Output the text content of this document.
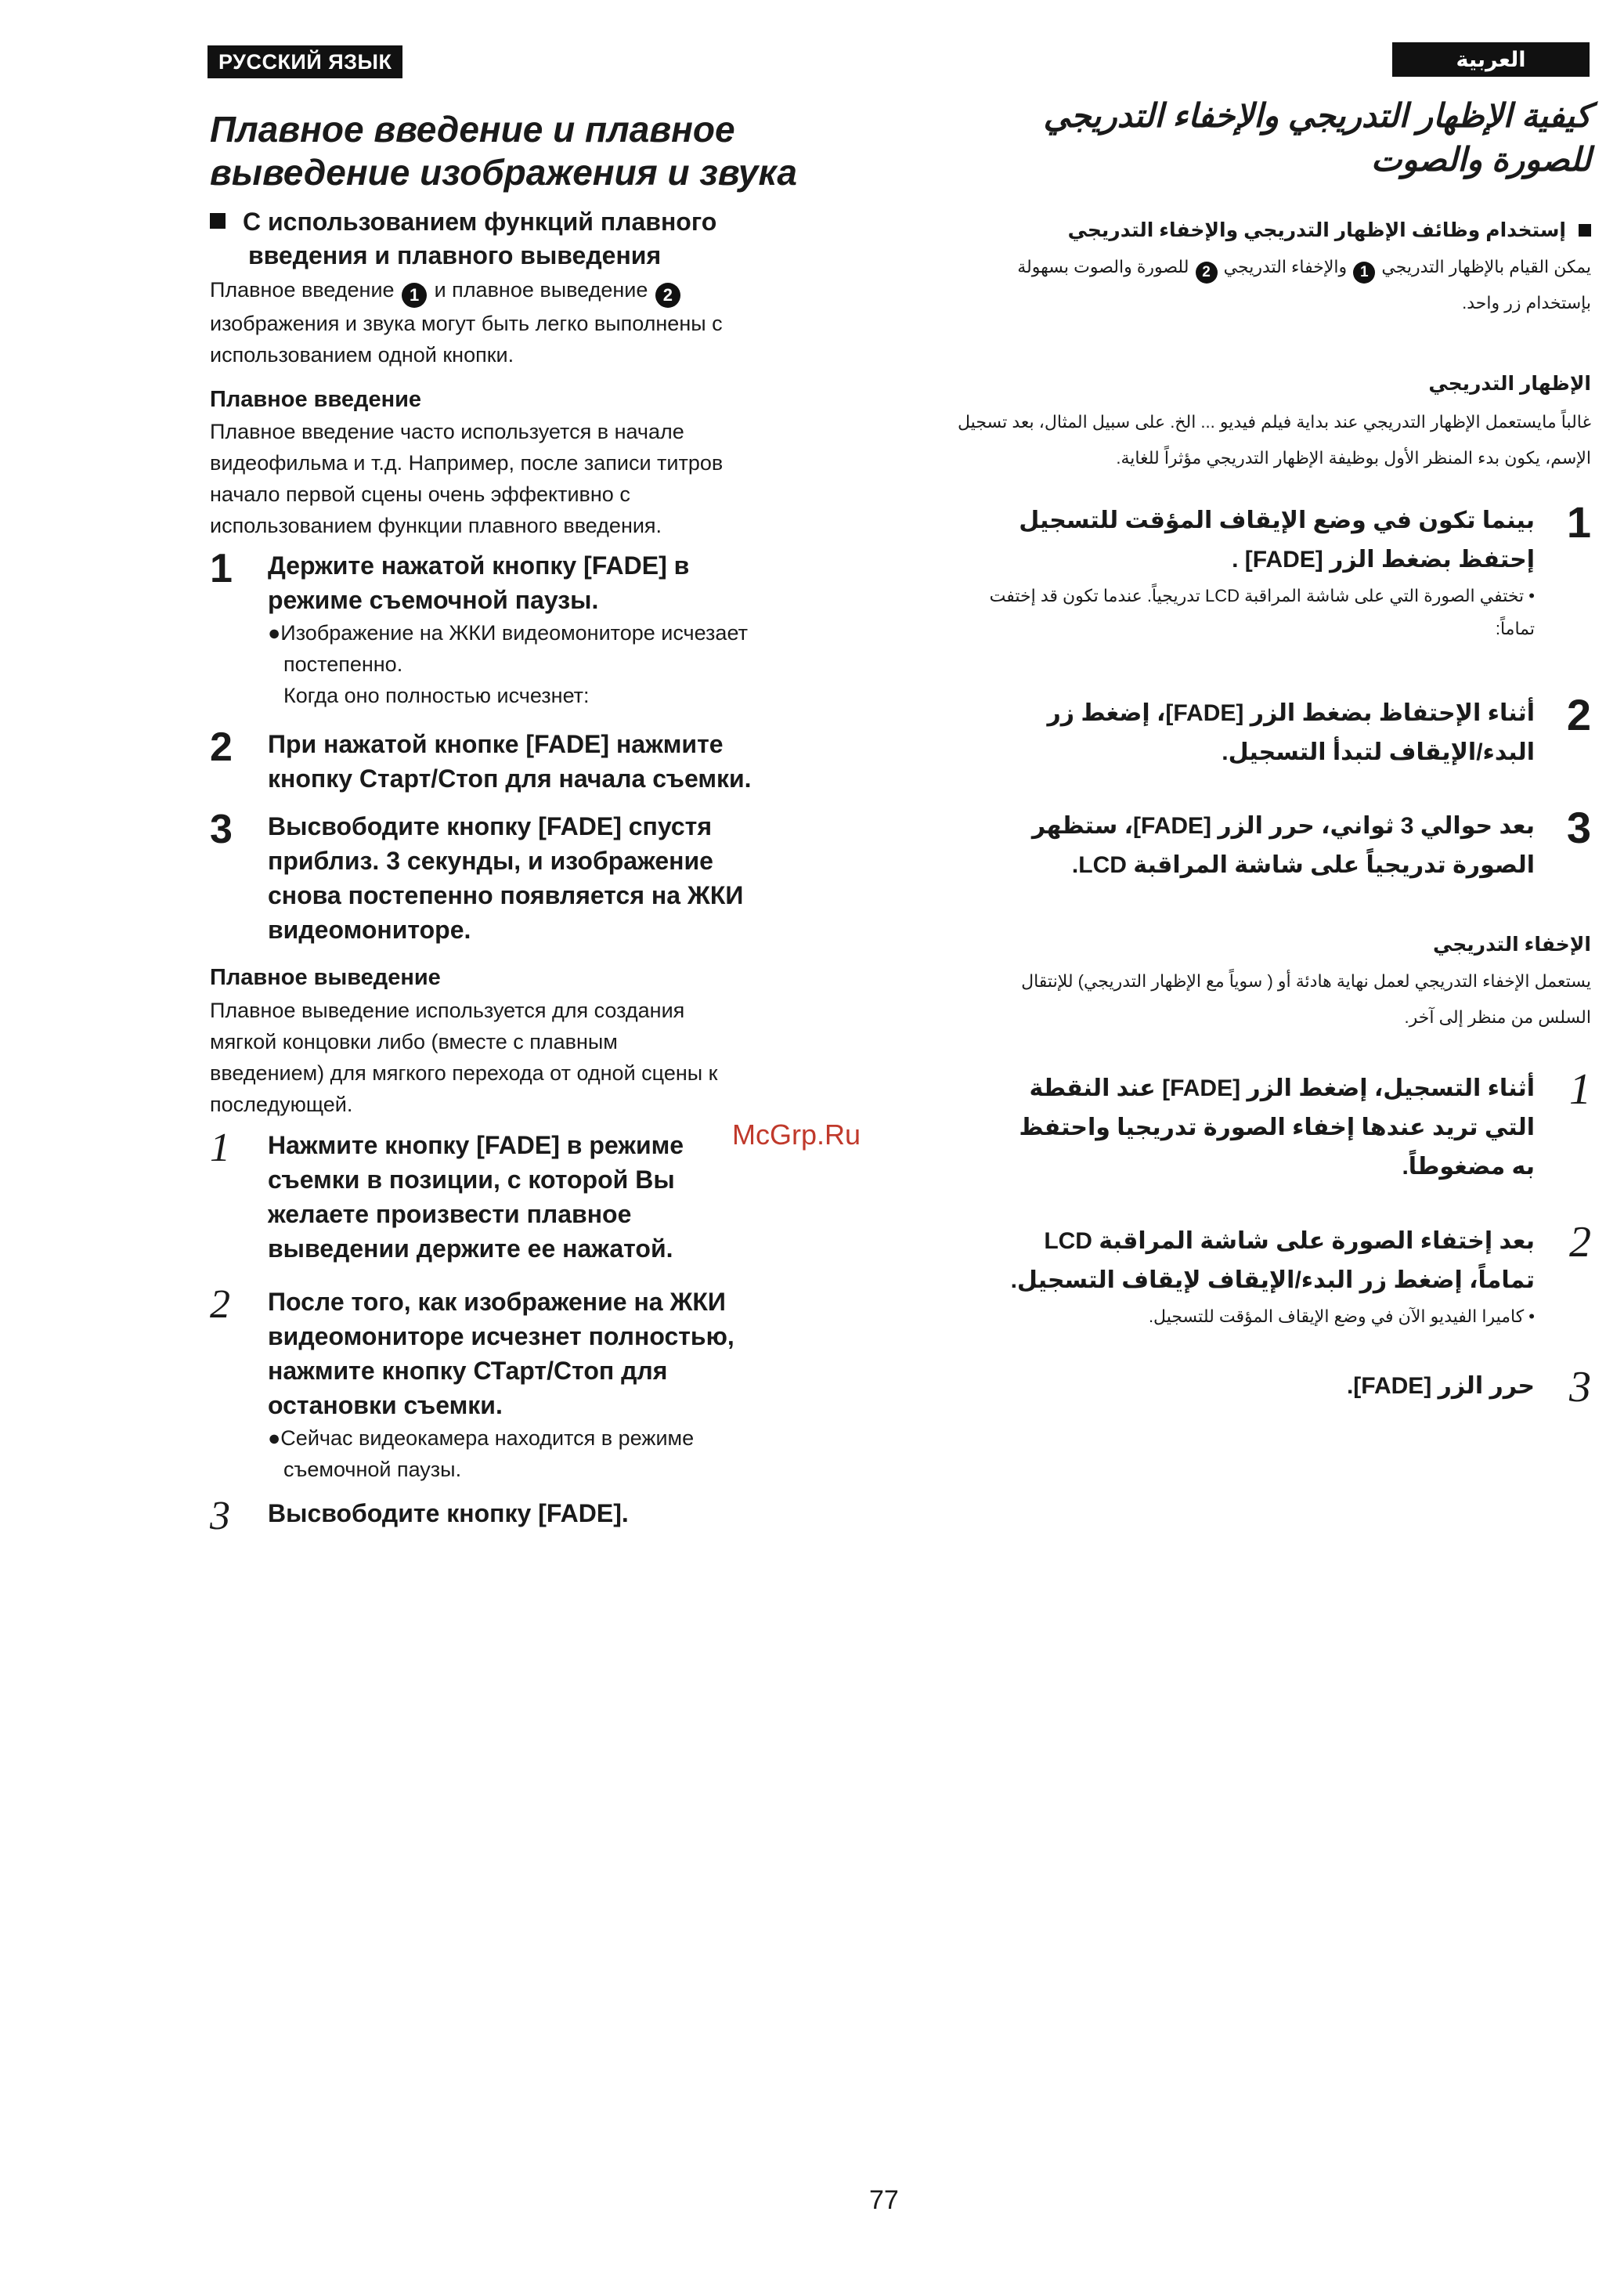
РУССКИЙ ЯЗЫК	العربية
Плавное введение и плавное
выведение изображения и звука
С использованием функций плавного
введения и плавного выведения
Плавное введение 1 и плавное выведение 2
изображения и звука могут быть легко выполнены с
использованием одной кнопки.
Плавное введение
Плавное введение часто используется в начале
видеофильма и т.д. Например, после записи титров
начало первой сцены очень эффективно с
использованием функции плавного введения.
1 Держите нажатой кнопку [FADE] в
режиме съемочной паузы.
●Изображение на ЖКИ видеомониторе исчезает
постепенно.
Когда оно полностью исчезнет:
2 При нажатой кнопке [FADE] нажмите
кнопку Старт/Стоп для начала съемки.
3 Высвободите кнопку [FADE] спустя
приблиз. 3 секунды, и изображение
снова постепенно появляется на ЖКИ
видеомониторе.
Плавное выведение
Плавное выведение используется для создания
мягкой концовки либо (вместе с плавным
введением) для мягкого перехода от одной сцены к
последующей.
1 Нажмите кнопку [FADE] в режиме
съемки в позиции, с которой Вы
желаете произвести плавное
выведении держите ее нажатой.
2 После того, как изображение на ЖКИ
видеомониторе исчезнет полностью,
нажмите кнопку СТарт/Стоп для
остановки съемки.
●Сейчас видеокамера находится в режиме
съемочной паузы.
3 Высвободите кнопку [FADE].
McGrp.Ru
كيفية الإظهار التدريجي والإخفاء التدريجي
للصورة والصوت
إستخدام وظائف الإظهار التدريجي والإخفاء التدريجي
يمكن القيام بالإظهار التدريجي 1 والإخفاء التدريجي 2 للصورة والصوت بسهولة
بإستخدام زر واحد.
الإظهار التدريجي
غالباً مايستعمل الإظهار التدريجي عند بداية فيلم فيديو ... الخ. على سبيل المثال، بعد تسجيل
الإسم، يكون بدء المنظر الأول بوظيفة الإظهار التدريجي مؤثراً للغاية.
1
بينما تكون في وضع الإيقاف المؤقت للتسجيل
إحتفظ بضغط الزر [FADE] .
• تختفي الصورة التي على شاشة المراقبة LCD تدريجياً. عندما تكون قد إختفت
تماماً:
2
أثناء الإحتفاظ بضغط الزر [FADE]، إضغط زر
البدء/الإيقاف لتبدأ التسجيل.
3
بعد حوالي 3 ثواني، حرر الزر [FADE]، ستظهر
الصورة تدريجياً على شاشة المراقبة LCD.
الإخفاء التدريجي
يستعمل الإخفاء التدريجي لعمل نهاية هادئة أو ( سوياً مع الإظهار التدريجي) للإنتقال
السلس من منظر إلى آخر.
1
أثناء التسجيل، إضغط الزر [FADE] عند النقطة
التي تريد عندها إخفاء الصورة تدريجيا واحتفظ
به مضغوطاً.
2
بعد إختفاء الصورة على شاشة المراقبة LCD
تماماً، إضغط زر البدء/الإيقاف لإيقاف التسجيل.
• كاميرا الفيديو الآن في وضع الإيقاف المؤقت للتسجيل.
3
حرر الزر [FADE].
77
